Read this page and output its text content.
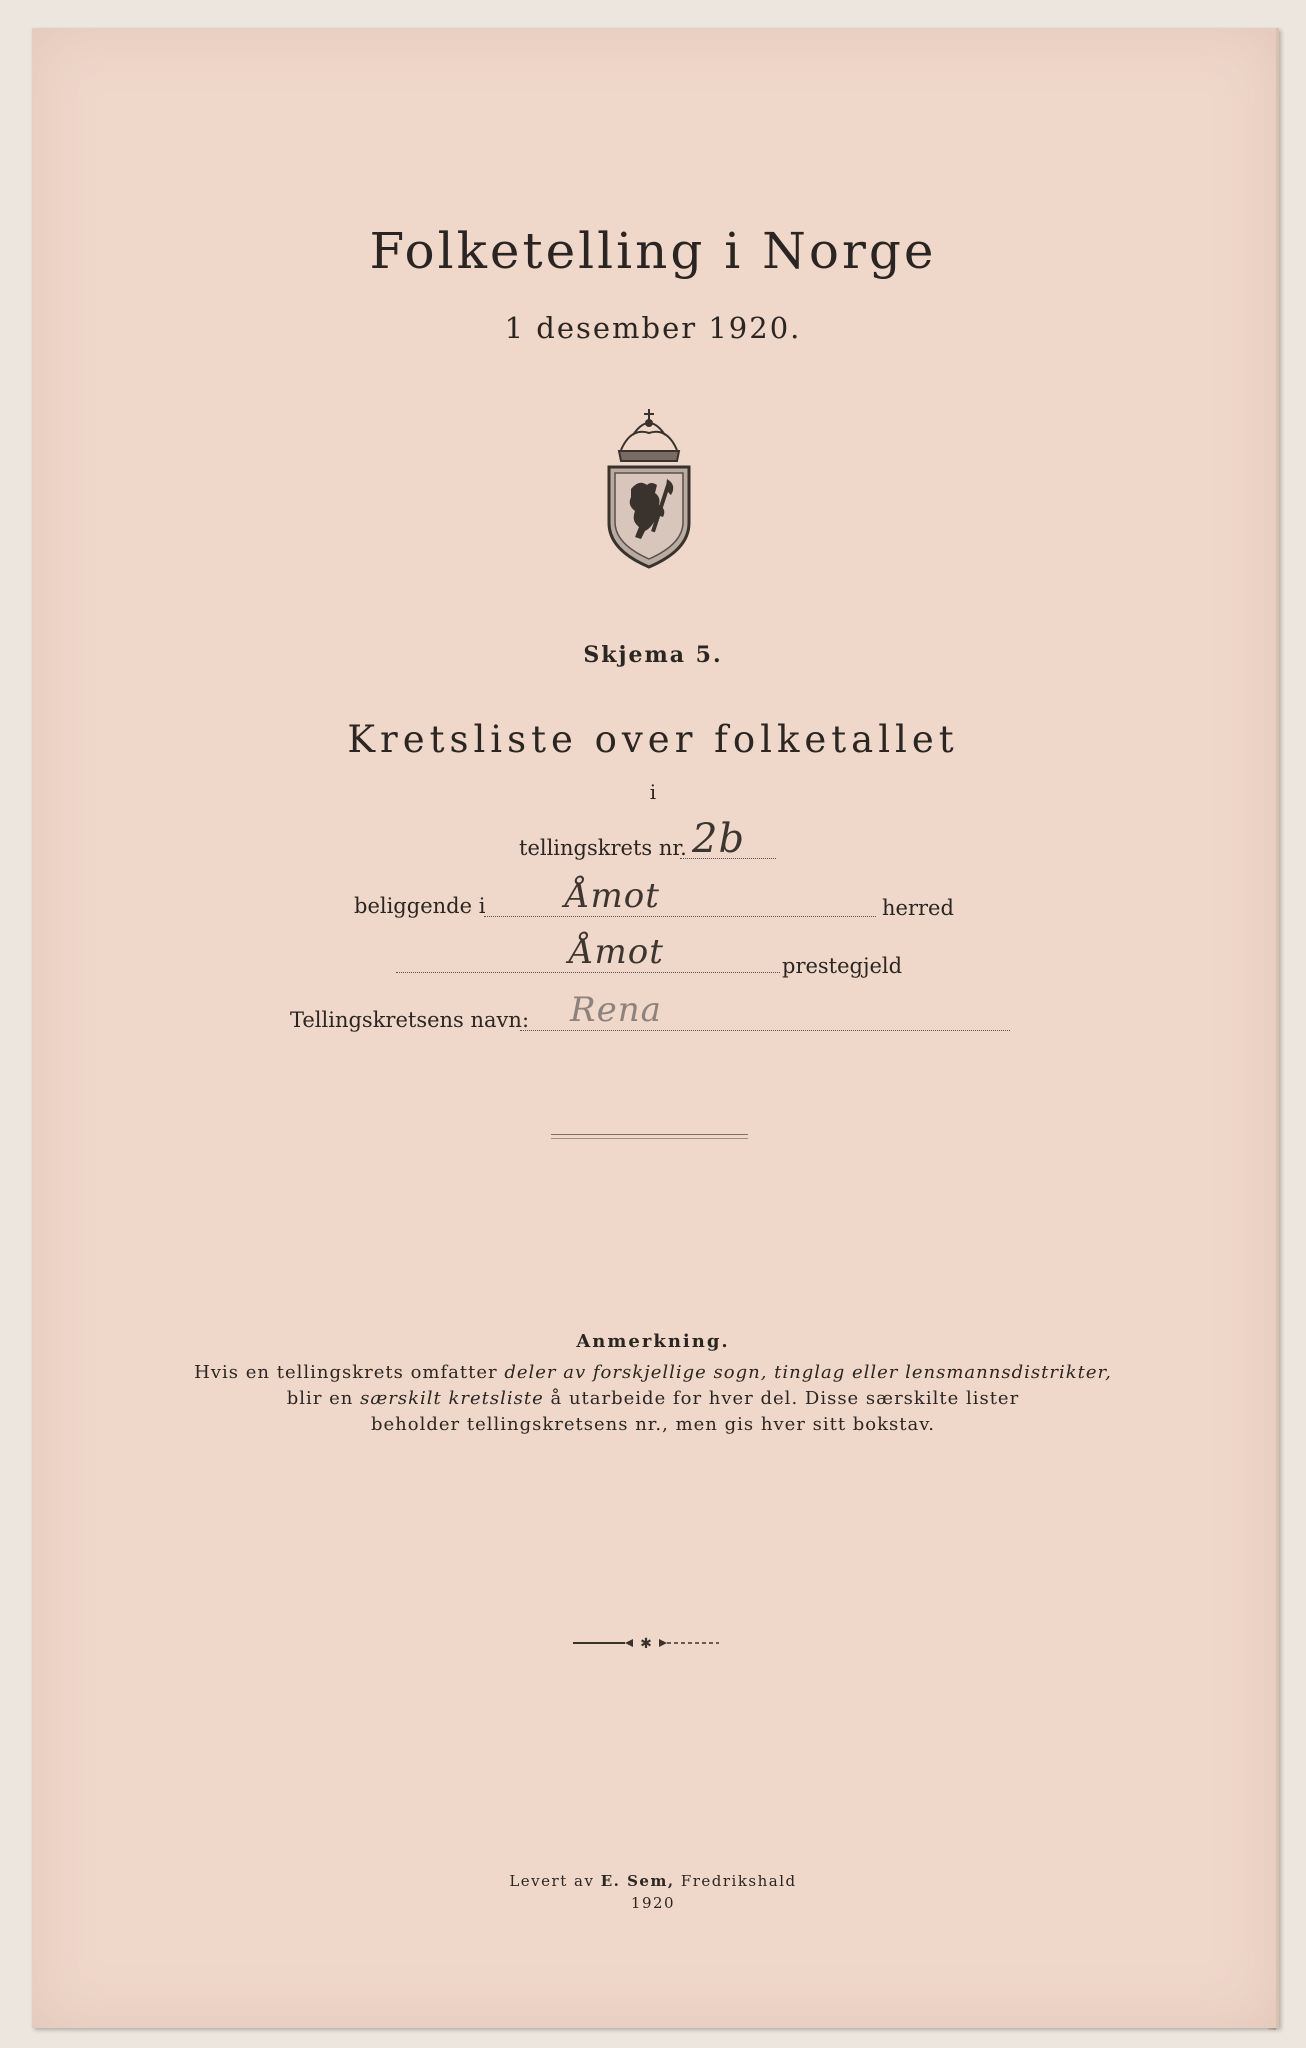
Folketelling i Norge
1 desember 1920.
Skjema 5.
Kretsliste over folketallet
i
tellingskrets nr. 2b
beliggende i Åmot	herred
Åmot	prestegjeld
Tellingskretsens navn: Rena
Anmerkning.
Hvis en tellingskrets omfatter deler av forskjellige sogn, tinglag eller lensmannsdistrikter,
blir en særskilt kretsliste å utarbeide for hver del. Disse særskilte lister
beholder tellingskretsens nr., men gis hver sitt bokstav.
✱
Levert av E. Sem, Fredrikshald
1920
